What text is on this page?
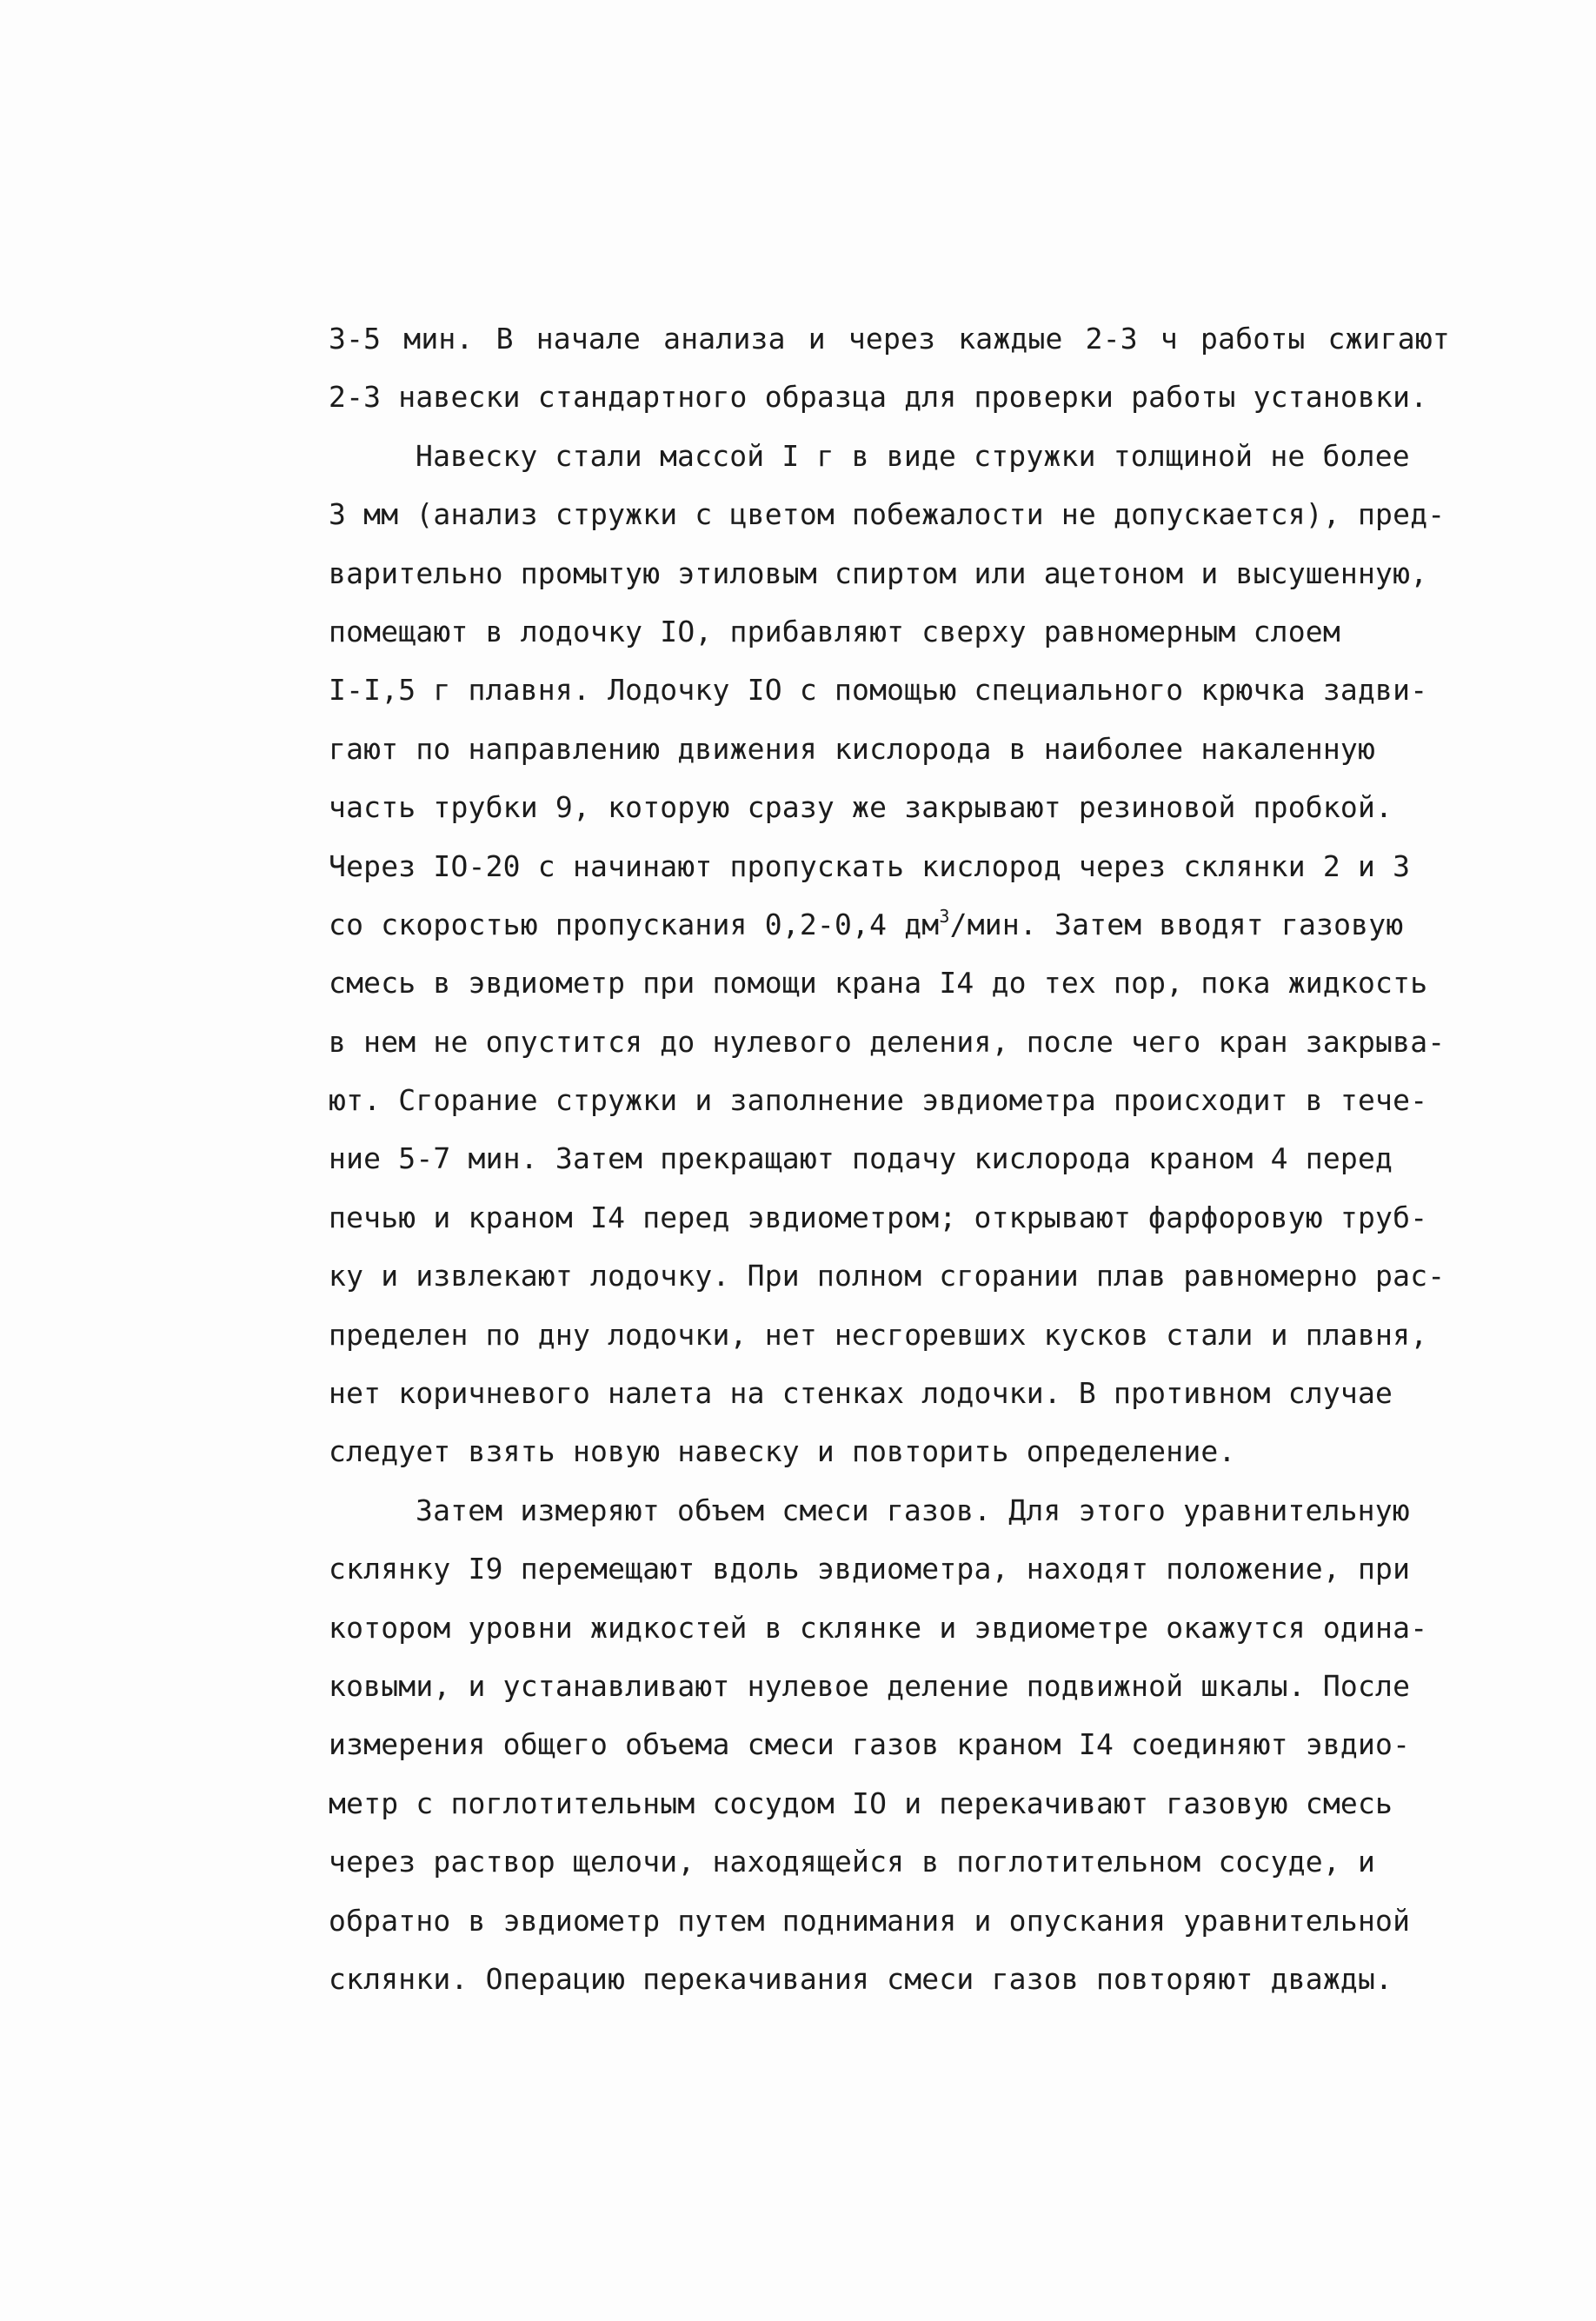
З-5 мин. В начале анализа и через каждые 2-3 ч работы сжигают
2-3 навески стандартного образца для проверки работы установки.
Навеску стали массой I г в виде стружки толщиной не более
3 мм (анализ стружки с цветом побежалости не допускается), пред-
варительно промытую этиловым спиртом или ацетоном и высушенную,
помещают в лодочку IO, прибавляют сверху равномерным слоем
I-I,5 г плавня. Лодочку IO с помощью специального крючка задви-
гают по направлению движения кислорода в наиболее накаленную
часть трубки 9, которую сразу же закрывают резиновой пробкой.
Через IO-20 с начинают пропускать кислород через склянки 2 и 3
со скоростью пропускания 0,2-0,4 $дм^3$/мин. Затем вводят газовую
смесь в эвдиометр при помощи крана I4 до тех пор, пока жидкость
в нем не опустится до нулевого деления, после чего кран закрыва-
ют. Сгорание стружки и заполнение эвдиометра происходит в тече-
ние 5-7 мин. Затем прекращают подачу кислорода краном 4 перед
печью и краном I4 перед эвдиометром; открывают фарфоровую труб-
ку и извлекают лодочку. При полном сгорании плав равномерно рас-
пределен по дну лодочки, нет несгоревших кусков стали и плавня,
нет коричневого налета на стенках лодочки. В противном случае
следует взять новую навеску и повторить определение.
Затем измеряют объем смеси газов. Для этого уравнительную
склянку I9 перемещают вдоль эвдиометра, находят положение, при
котором уровни жидкостей в склянке и эвдиометре окажутся одина-
ковыми, и устанавливают нулевое деление подвижной шкалы. После
измерения общего объема смеси газов краном I4 соединяют эвдио-
метр с поглотительным сосудом IO и перекачивают газовую смесь
через раствор щелочи, находящейся в поглотительном сосуде, и
обратно в эвдиометр путем поднимания и опускания уравнительной
склянки. Операцию перекачивания смеси газов повторяют дважды.
